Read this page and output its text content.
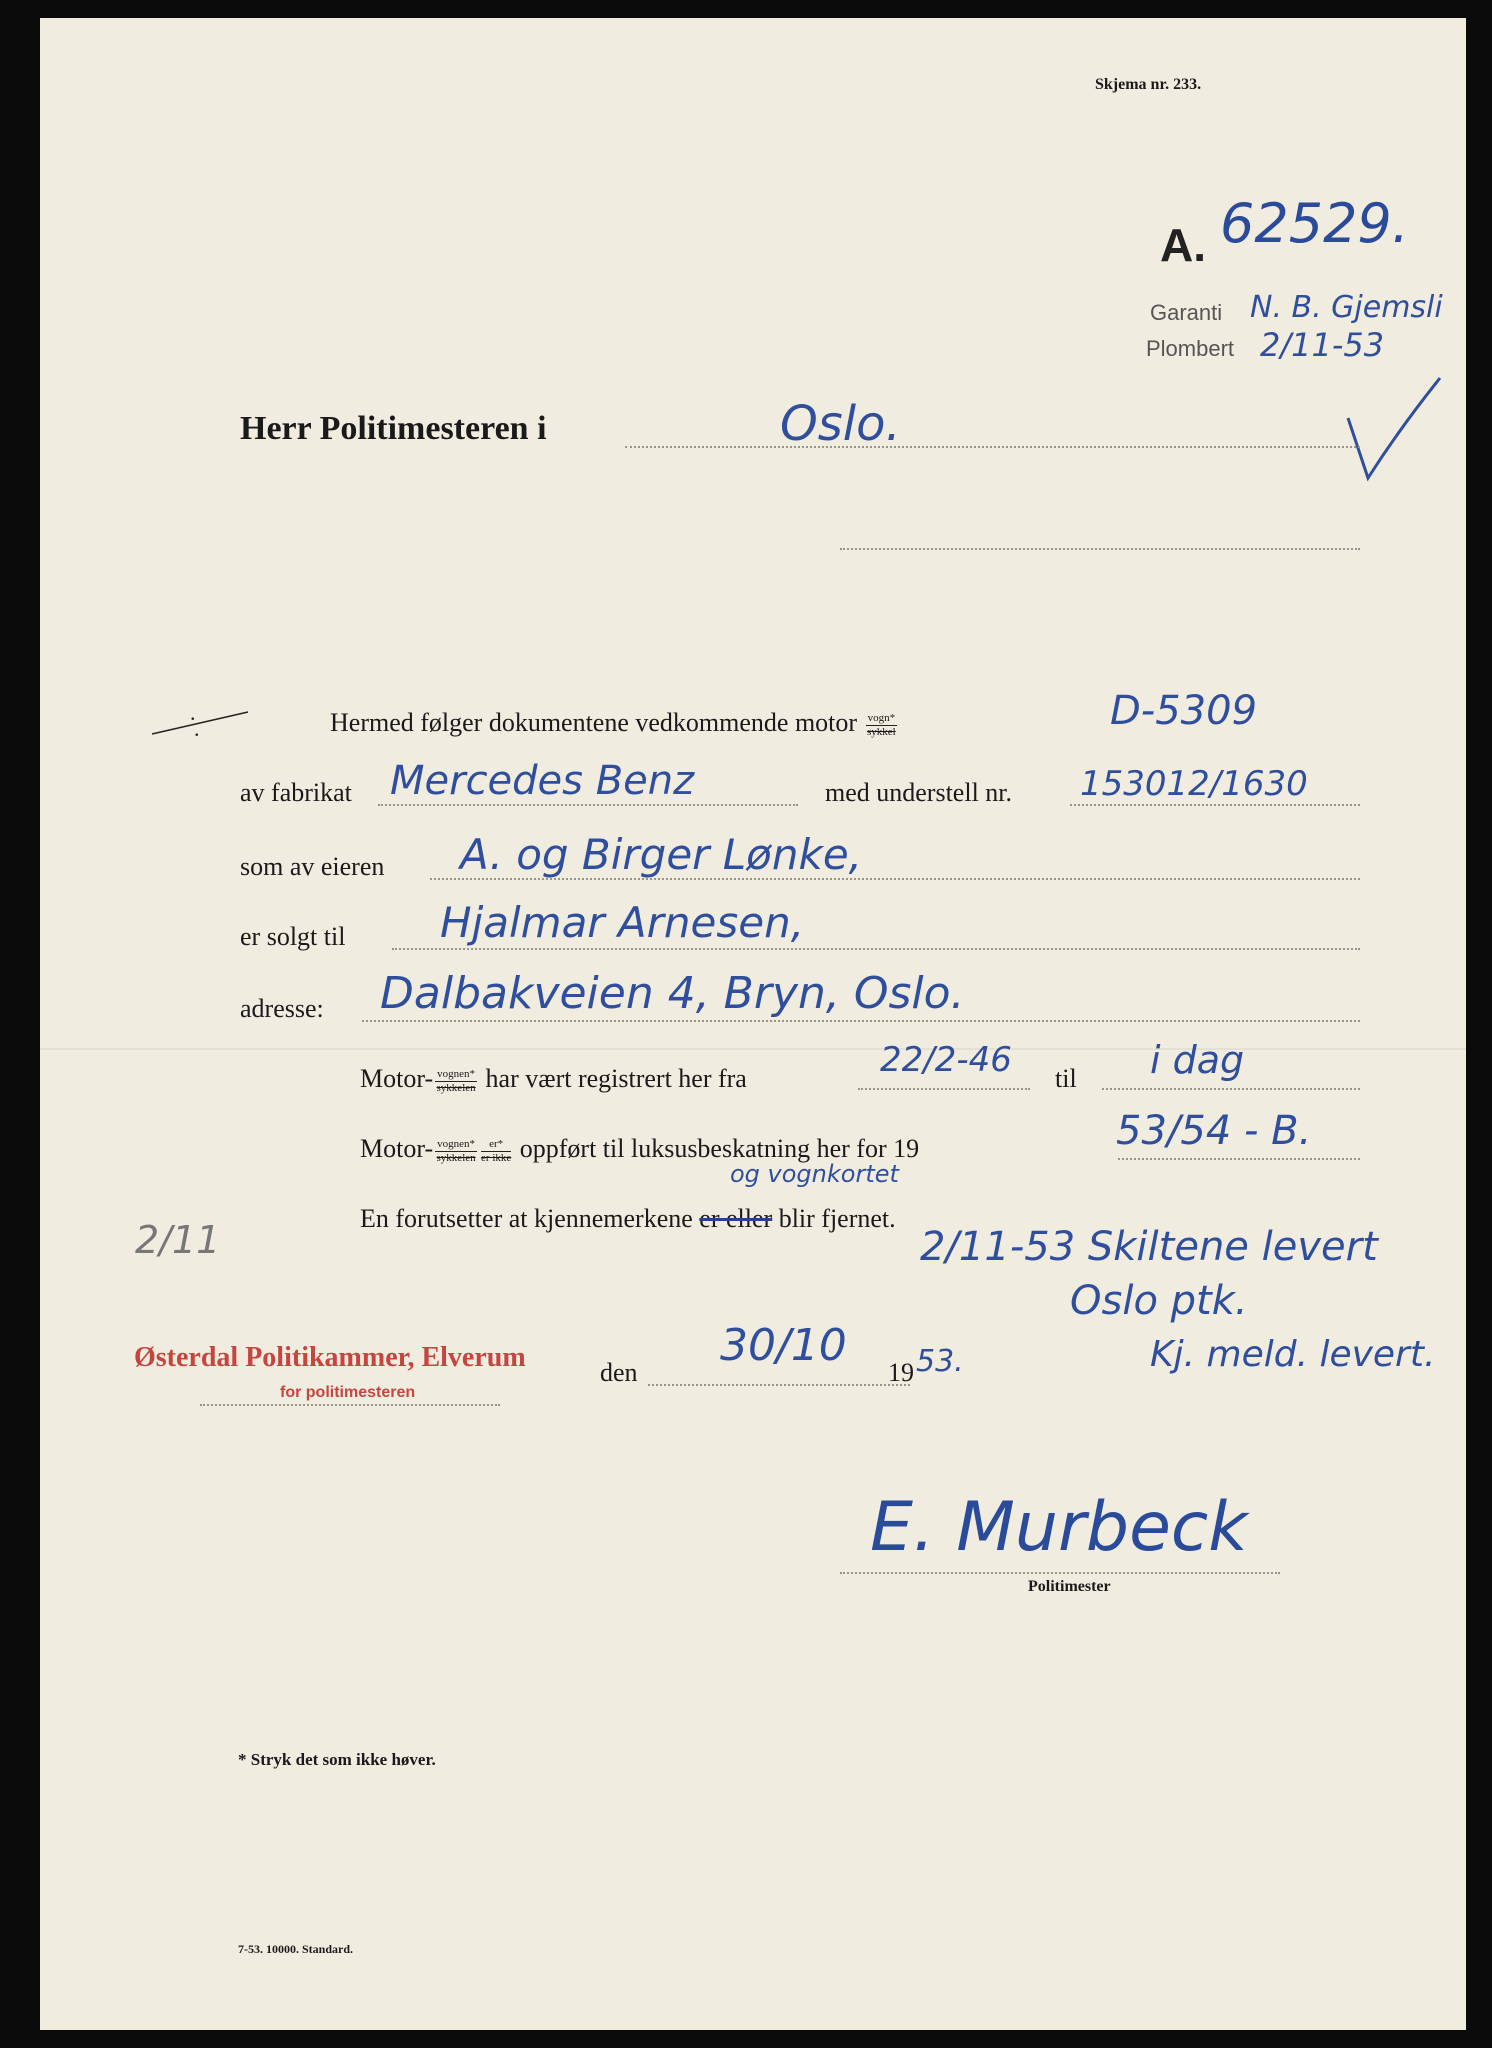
Skjema nr. 233.
A. 62529.
Garanti N. B. Gjemsli
Plombert 2/11-53
Herr Politimesteren i	Oslo.
.
.	Hermed følger dokumentene vedkommende motor $\frac{\text{vogn*}}{\text{sykkel}}$	D-5309
av fabrikat Mercedes Benz	med understell nr. 153012/1630
som av eieren A. og Birger Lønke,
er solgt til Hjalmar Arnesen,
adresse: Dalbakveien 4, Bryn, Oslo.
Motor- $\frac{\text{vognen*}}{\text{sykkelen}}$ har vært registrert her fra	22/2-46 til i dag
Motor- $\frac{\text{vognen*}}{\text{sykkelen}} \frac{er*}{\text{er ikke}}$ oppført til luksusbeskatning her for 19	53/54 - B.
og vognkortet
En forutsetter at kjennemerkene er eller blir fjernet.
2/11	2/11-53 Skiltene levert
Oslo ptk.
Kj. meld. levert.
Østerdal Politikammer, Elverum
for politimesteren
den
30/10
19 53.
E. Murbeck
Politimester
* Stryk det som ikke høver.
7-53. 10000. Standard.
